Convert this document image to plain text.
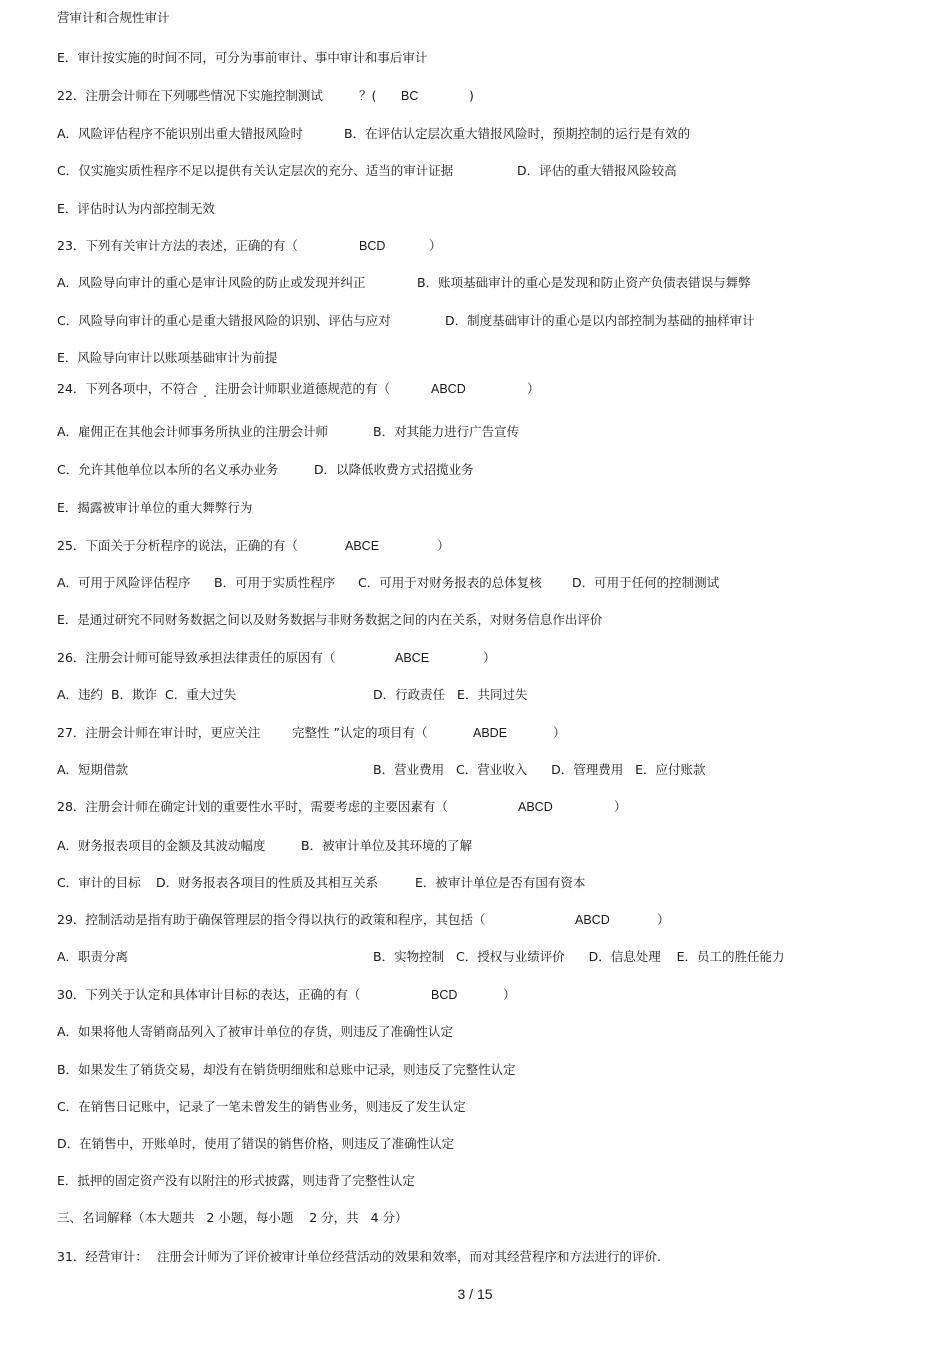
营审计和合规性审计
E．审计按实施的时间不同，可分为事前审计、事中审计和事后审计

22．注册会计师在下列哪些情况下实施控制测试

	？(

BC

	)

A．风险评估程序不能识别出重大错报风险时

	B．在评估认定层次重大错报风险时，预期控制的运行是有效的

C．仅实施实质性程序不足以提供有关认定层次的充分、适当的审计证据

	D．评估的重大错报风险较高

E．评估时认为内部控制无效

23．下列有关审计方法的表述，正确的有（

	BCD

	）

A．风险导向审计的重心是审计风险的防止或发现并纠正

	B．账项基础审计的重心是发现和防止资产负债表错误与舞弊

C．风险导向审计的重心是重大错报风险的识别、评估与应对

	D．制度基础审计的重心是以内部控制为基础的抽样审计

E．风险导向审计以账项基础审计为前提

24．下列各项中，不符合

.

注册会计师职业道德规范的有（

	ABCD

	）

A．雇佣正在其他会计师事务所执业的注册会计师

	B．对其能力进行广告宣传

C．允许其他单位以本所的名义承办业务

	D．以降低收费方式招揽业务

E．揭露被审计单位的重大舞弊行为

25．下面关于分析程序的说法，正确的有（

	ABCE

	）

A．可用于风险评估程序

B．可用于实质性程序

C．可用于对财务报表的总体复核

D．可用于任何的控制测试

E．是通过研究不同财务数据之间以及财务数据与非财务数据之间的内在关系，对财务信息作出评价

26．注册会计师可能导致承担法律责任的原因有（

	ABCE

	）

A．违约  B．欺诈  C．重大过失

	D．行政责任   E．共同过失

27．注册会计师在审计时，更应关注

	完整性 ”认定的项目有（

	ABDE

	）

A．短期借款

	B．营业费用   C．营业收入      D．管理费用   E．应付账款

28．注册会计师在确定计划的重要性水平时，需要考虑的主要因素有（

	ABCD

	）

A．财务报表项目的金额及其波动幅度

	B．被审计单位及其环境的了解

C．审计的目标

D．财务报表各项目的性质及其相互关系

	E．被审计单位是否有国有资本

29．控制活动是指有助于确保管理层的指令得以执行的政策和程序，其包括（

	ABCD

	）

A．职责分离

	B．实物控制   C．授权与业绩评价      D．信息处理    E．员工的胜任能力

30．下列关于认定和具体审计目标的表达，正确的有（

	BCD

	）

A．如果将他人寄销商品列入了被审计单位的存货，则违反了准确性认定
B．如果发生了销货交易，却没有在销货明细账和总账中记录，则违反了完整性认定
C．在销售日记账中，记录了一笔未曾发生的销售业务，则违反了发生认定
D．在销售中，开账单时，使用了错误的销售价格，则违反了准确性认定
E．抵押的固定资产没有以附注的形式披露，则违背了完整性认定
三、名词解释（本大题共   2 小题，每小题    2 分，共   4 分）

31．经营审计：

注册会计师为了评价被审计单位经营活动的效果和效率，而对其经营程序和方法进行的评价.

3 / 15
